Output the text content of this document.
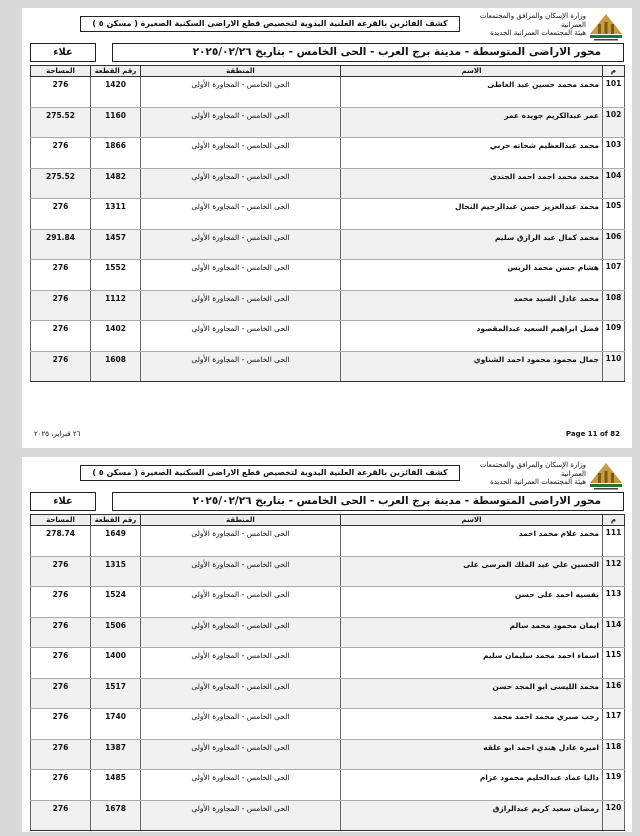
وزارة الإسكان والمرافق والمجتمعات العمرانية
هيئة المجتمعات العمرانية الجديدة
كشف الفائزين بالقرعة العلنية اليدوية لتخصيص قطع الاراضى السكنية الصغيرة ( مسكن ٥ )
محور الاراضى المتوسطة - مدينة برج العرب - الحى الخامس - بتاريخ ٢٠٢٥/٠٢/٢٦
علاء
م	الاسم	المنطقة	رقم القطعة	المساحة
101	محمد محمد حسين عبد العاطى	الحى الخامس - المجاورة الأولى	1420	276
102	عمر عبدالكريم جويده عمر	الحى الخامس - المجاورة الأولى	1160	275.52
103	محمد عبدالعظيم شحاته حربي	الحى الخامس - المجاورة الأولى	1866	276
104	محمد محمد احمد احمد الجندى	الحى الخامس - المجاورة الأولى	1482	275.52
105	محمد عبدالعزيز حسن عبدالرحيم النحال	الحى الخامس - المجاورة الأولى	1311	276
106	محمد كمال عبد الرازق سليم	الحى الخامس - المجاورة الأولى	1457	291.84
107	هشام حسن محمد الريس	الحى الخامس - المجاورة الأولى	1552	276
108	محمد عادل السيد محمد	الحى الخامس - المجاورة الأولى	1112	276
109	فضل ابراهيم السعيد عبدالمقصود	الحى الخامس - المجاورة الأولى	1402	276
110	جمال محمود محمود احمد الشناوي	الحى الخامس - المجاورة الأولى	1608	276
Page 11 of 82
٢٦ فبراير، ٢٠٢٥
وزارة الإسكان والمرافق والمجتمعات العمرانية
هيئة المجتمعات العمرانية الجديدة
كشف الفائزين بالقرعة العلنية اليدوية لتخصيص قطع الاراضى السكنية الصغيرة ( مسكن ٥ )
محور الاراضى المتوسطة - مدينة برج العرب - الحى الخامس - بتاريخ ٢٠٢٥/٠٢/٢٦
علاء
م	الاسم	المنطقة	رقم القطعة	المساحة
111	محمد علام محمد احمد	الحى الخامس - المجاورة الأولى	1649	278.74
112	الحسين علي عبد الملك المرسى على	الحى الخامس - المجاورة الأولى	1315	276
113	نفسيه احمد على حسن	الحى الخامس - المجاورة الأولى	1524	276
114	ايمان محمود محمد سالم	الحى الخامس - المجاورة الأولى	1506	276
115	اسماء احمد محمد سليمان سليم	الحى الخامس - المجاورة الأولى	1400	276
116	محمد الليسى ابو المجد حسن	الحى الخامس - المجاورة الأولى	1517	276
117	رجب صبري محمد احمد محمد	الحى الخامس - المجاورة الأولى	1740	276
118	اميرة عادل هندي احمد ابو علقه	الحى الخامس - المجاورة الأولى	1387	276
119	داليا عماد عبدالحليم محمود عزام	الحى الخامس - المجاورة الأولى	1485	276
120	رمضان سعيد كريم عبدالرازق	الحى الخامس - المجاورة الأولى	1678	276
